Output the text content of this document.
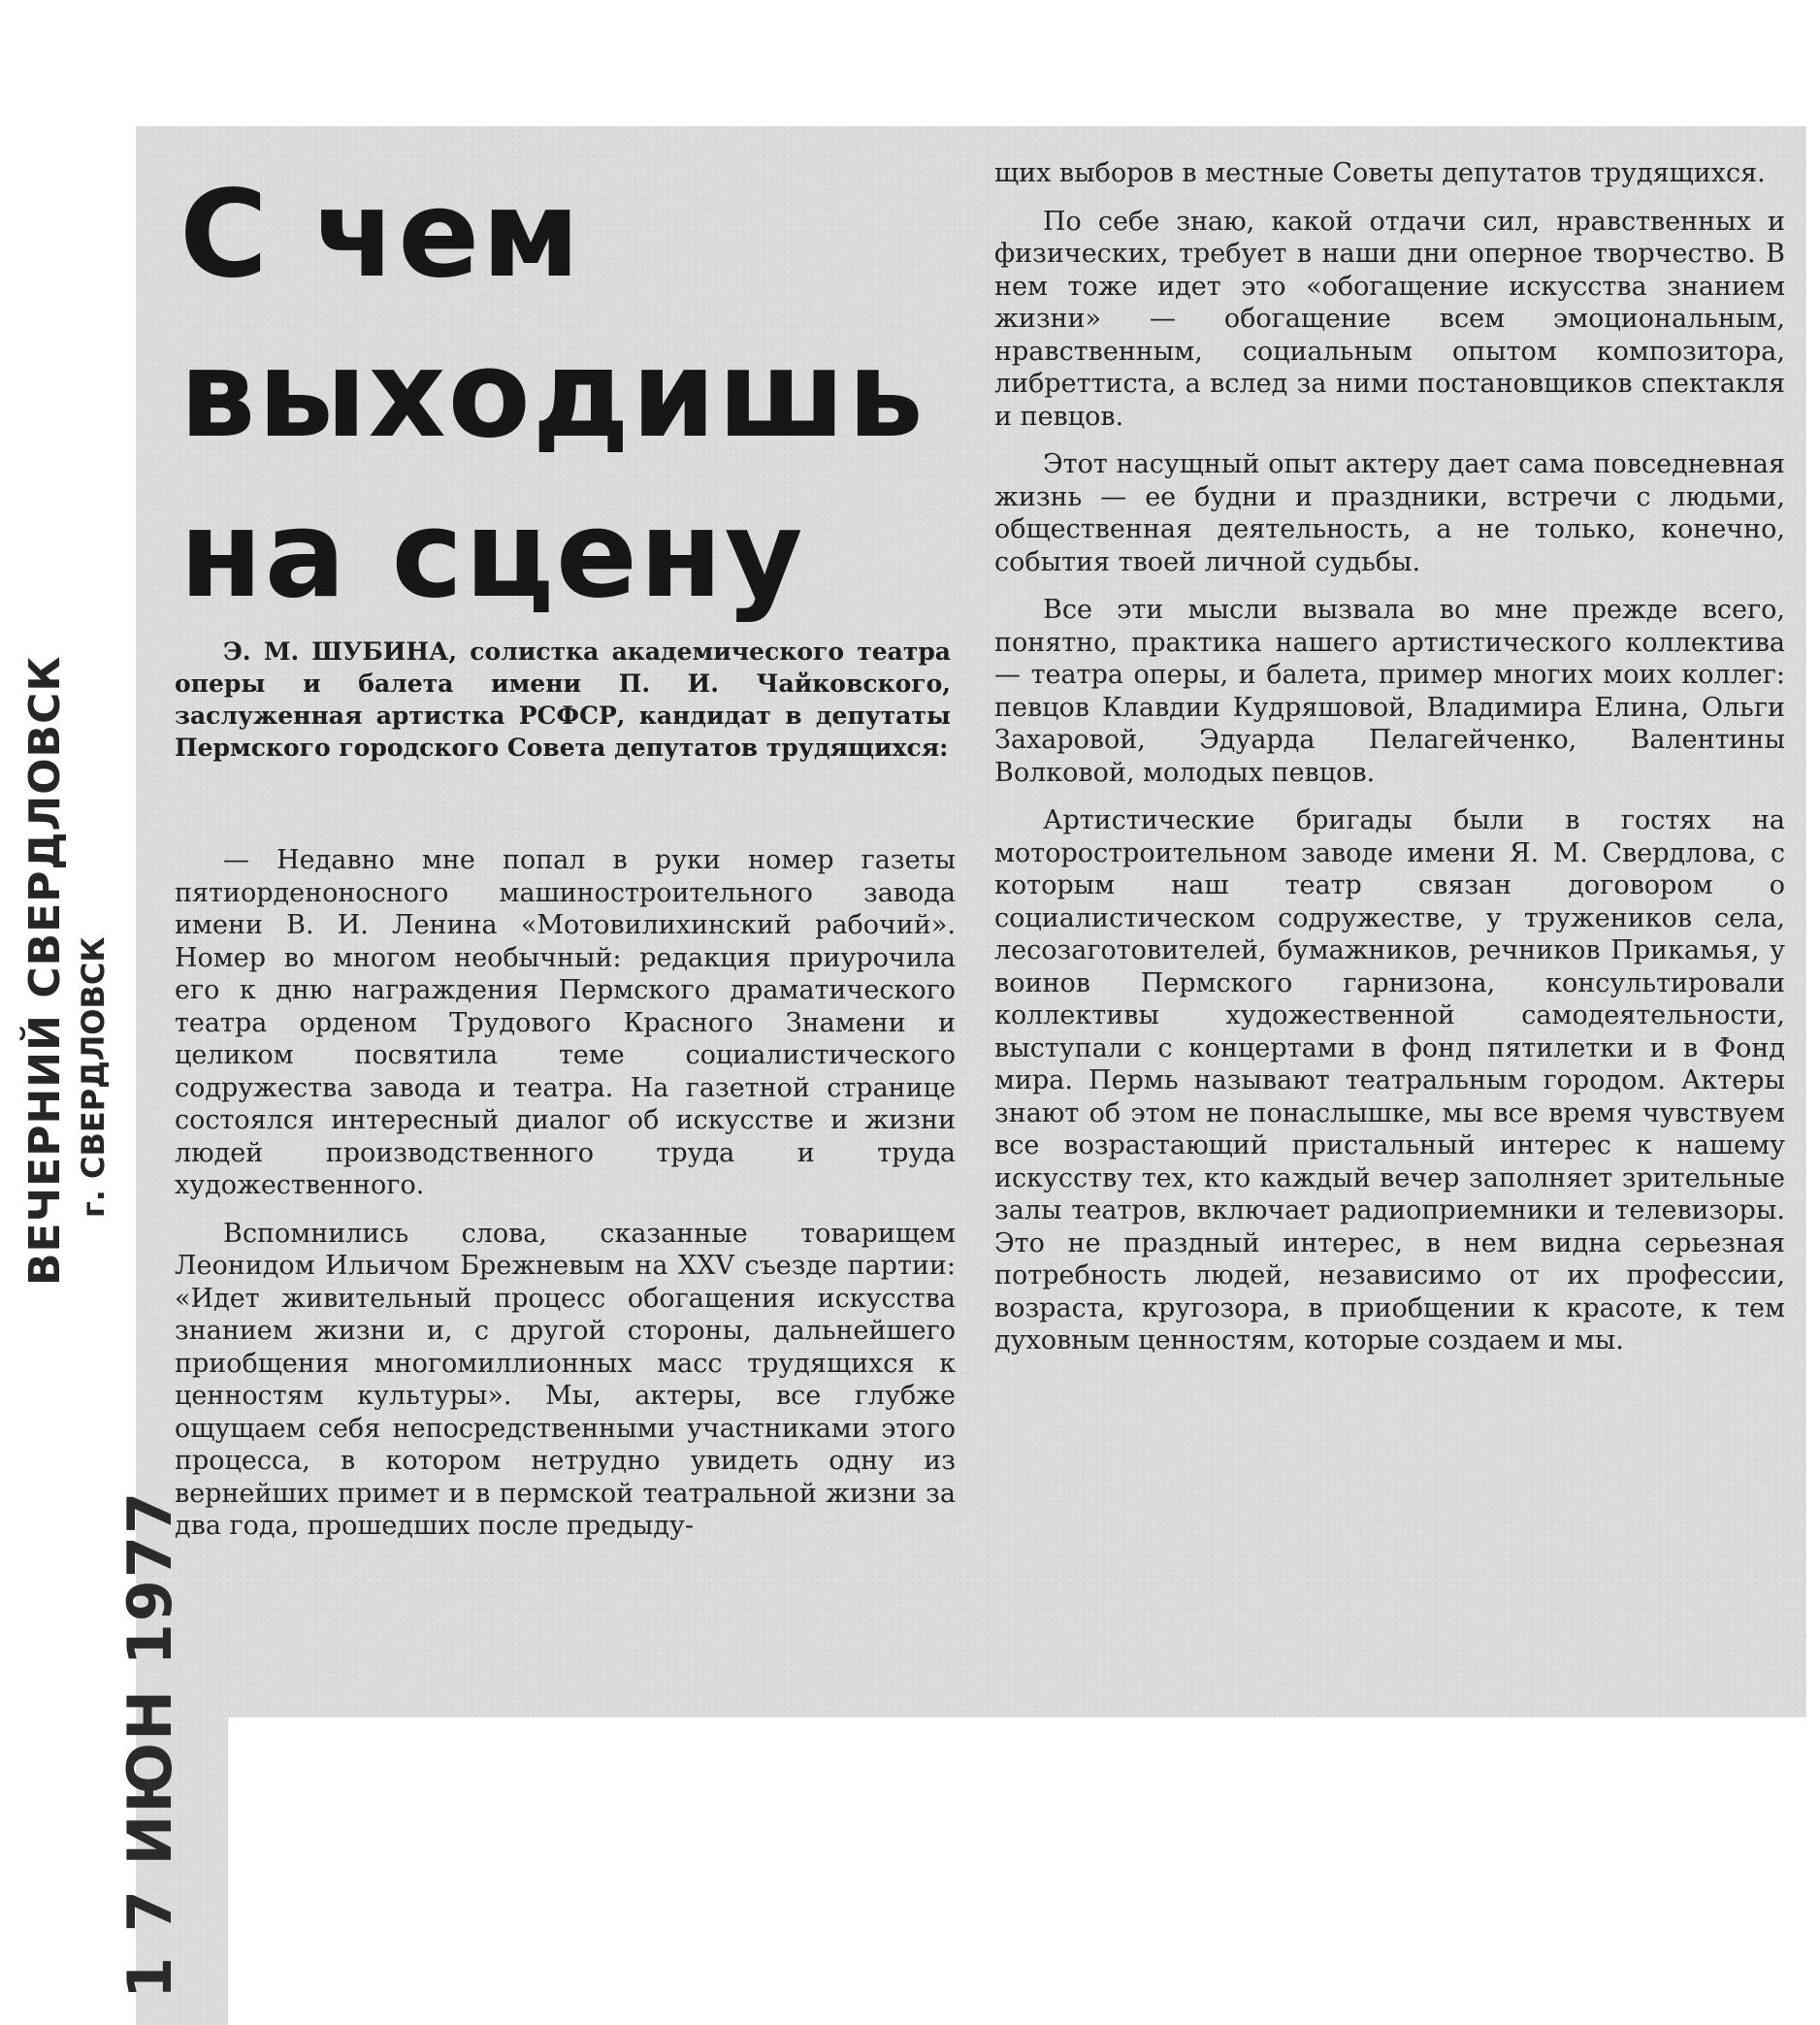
С чем
выходишь
на сцену

Э. М. ШУБИНА, солистка академического театра оперы и балета имени П. И. Чайковского, заслуженная артистка РСФСР, кандидат в депутаты Пермского городского Совета депутатов трудящихся:

— Недавно мне попал в руки номер газеты пятиорденоносного машиностроительного завода имени В. И. Ленина «Мотовилихинский рабочий». Номер во многом необычный: редакция приурочила его к дню награждения Пермского драматического театра орденом Трудового Красного Знамени и целиком посвятила теме социалистического содружества завода и театра. На газетной странице состоялся интересный диалог об искусстве и жизни людей производственного труда и труда художественного.

Вспомнились слова, сказанные товарищем Леонидом Ильичом Брежневым на XXV съезде партии: «Идет живительный процесс обогащения искусства знанием жизни и, с другой стороны, дальнейшего приобщения многомиллионных масс трудящихся к ценностям культуры». Мы, актеры, все глубже ощущаем себя непосредственными участниками этого процесса, в котором нетрудно увидеть одну из вернейших примет и в пермской театральной жизни за два года, прошедших после предыду-

щих выборов в местные Советы депутатов трудящихся.

По себе знаю, какой отдачи сил, нравственных и физических, требует в наши дни оперное творчество. В нем тоже идет это «обогащение искусства знанием жизни» — обогащение всем эмоциональным, нравственным, социальным опытом композитора, либреттиста, а вслед за ними постановщиков спектакля и певцов.

Этот насущный опыт актеру дает сама повседневная жизнь — ее будни и праздники, встречи с людьми, общественная деятельность, а не только, конечно, события твоей личной судьбы.

Все эти мысли вызвала во мне прежде всего, понятно, практика нашего артистического коллектива — театра оперы, и балета, пример многих моих коллег: певцов Клавдии Кудряшовой, Владимира Елина, Ольги Захаровой, Эдуарда Пелагейченко, Валентины Волковой, молодых певцов.

Артистические бригады были в гостях на моторостроительном заводе имени Я. М. Свердлова, с которым наш театр связан договором о социалистическом содружестве, у тружеников села, лесозаготовителей, бумажников, речников Прикамья, у воинов Пермского гарнизона, консультировали коллективы художественной самодеятельности, выступали с концертами в фонд пятилетки и в Фонд мира. Пермь называют театральным городом. Актеры знают об этом не понаслышке, мы все время чувствуем все возрастающий пристальный интерес к нашему искусству тех, кто каждый вечер заполняет зрительные залы театров, включает радиоприемники и телевизоры. Это не праздный интерес, в нем видна серьезная потребность людей, независимо от их профессии, возраста, кругозора, в приобщении к красоте, к тем духовным ценностям, которые создаем и мы.

ВЕЧЕРНИЙ СВЕРДЛОВСК г. СВЕРДЛОВСК
1 7 ИЮН 1977
